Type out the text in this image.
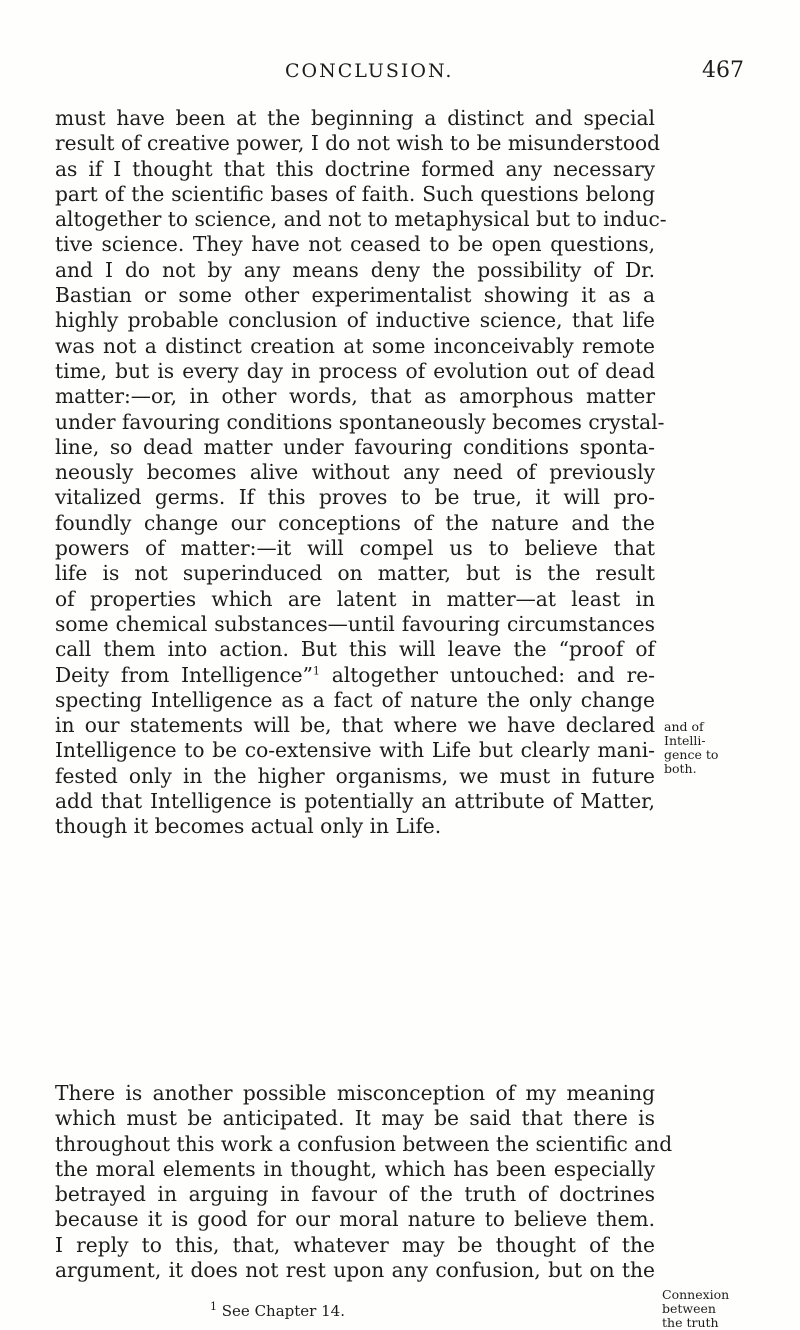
CONCLUSION.	467
must have been at the beginning a distinct and special
result of creative power, I do not wish to be misunderstood
as if I thought that this doctrine formed any necessary
part of the scientific bases of faith. Such questions belong
altogether to science, and not to metaphysical but to induc-
tive science. They have not ceased to be open questions,
and I do not by any means deny the possibility of Dr.
Bastian or some other experimentalist showing it as a
highly probable conclusion of inductive science, that life
was not a distinct creation at some inconceivably remote
time, but is every day in process of evolution out of dead
matter:—or, in other words, that as amorphous matter
under favouring conditions spontaneously becomes crystal-
line, so dead matter under favouring conditions sponta-
neously becomes alive without any need of previously
vitalized germs. If this proves to be true, it will pro-
foundly change our conceptions of the nature and the
powers of matter:—it will compel us to believe that
life is not superinduced on matter, but is the result
of properties which are latent in matter—at least in
some chemical substances—until favouring circumstances
call them into action. But this will leave the “proof of
Deity from Intelligence”$^1$ altogether untouched: and re-
specting Intelligence as a fact of nature the only change
in our statements will be, that where we have declared
Intelligence to be co-extensive with Life but clearly mani-
fested only in the higher organisms, we must in future
add that Intelligence is potentially an attribute of Matter,
though it becomes actual only in Life.
There is another possible misconception of my meaning
which must be anticipated. It may be said that there is
throughout this work a confusion between the scientific and
the moral elements in thought, which has been especially
betrayed in arguing in favour of the truth of doctrines
because it is good for our moral nature to believe them.
I reply to this, that, whatever may be thought of the
argument, it does not rest upon any confusion, but on the
and of
Intelli-
gence to
both.
Connexion
between
the truth
$^1$ See Chapter 14.
